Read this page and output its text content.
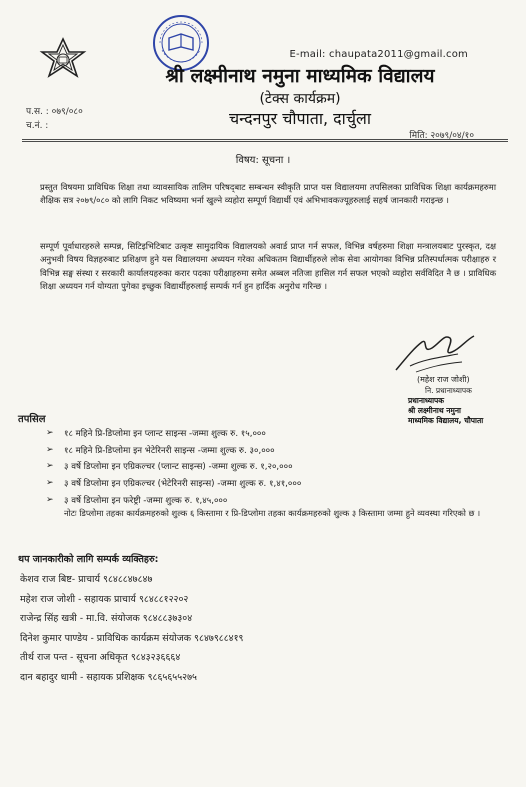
E-mail: chaupata2011@gmail.com
श्री लक्ष्मीनाथ नमुना माध्यमिक विद्यालय
(टेक्स कार्यक्रम)
चन्दनपुर चौपाता, दार्चुला
प.स. : ०७९/०८०
च.नं. :
मिति: २०७९/०४/१०
विषय: सूचना ।

प्रस्तुत विषयमा प्राविधिक शिक्षा तथा व्यावसायिक तालिम परिषद्‌बाट सम्बन्धन स्वीकृति प्राप्त यस विद्यालयमा तपसिलका प्राविधिक शिक्षा कार्यक्रमहरुमा शैक्षिक सत्र २०७९/०८० को लागि निकट भविष्यमा भर्ना खुल्ने व्यहोरा सम्पूर्ण विद्यार्थी एवं अभिभावकज्यूहरुलाई सहर्ष जानकारी गराइन्छ ।

सम्पूर्ण पूर्वाधारहरुले सम्पन्न, सिटिइभिटिबाट उत्कृष्ट सामुदायिक विद्यालयको अवार्ड प्राप्त गर्न सफल, विभिन्न वर्षहरुमा शिक्षा मन्त्रालयबाट पुरस्कृत, दक्ष अनुभवी विषय विज्ञहरुबाट प्रशिक्षण हुने यस विद्यालयमा अध्ययन गरेका अधिकतम विद्यार्थीहरुले लोक सेवा आयोगका विभिन्न प्रतिस्पर्धात्मक परीक्षाहरु र विभिन्न सङ्घ संस्था र सरकारी कार्यालयहरुका करार पदका परीक्षाहरुमा समेत अब्बल नतिजा हासिल गर्न सफल भएको व्यहोरा सर्वविदित नै छ । प्राविधिक शिक्षा अध्ययन गर्न योग्यता पुगेका इच्छुक विद्यार्थीहरुलाई सम्पर्क गर्न हुन हार्दिक अनुरोध गरिन्छ ।

(महेश राज जोशी)
नि. प्रधानाध्यापक
प्रधानाध्यापक
श्री लक्ष्मीनाथ नमुना
माध्यमिक विद्यालय, चौपाता
तपसिल
➢	१८ महिने प्रि-डिप्लोमा इन प्लान्ट साइन्स -जम्मा शुल्क रु. १५,०००
➢	१८ महिने प्रि-डिप्लोमा इन भेटेरिनरी साइन्स -जम्मा शुल्क रु. ३०,०००
➢	३ वर्षे डिप्लोमा इन एग्रिकल्चर (प्लान्ट साइन्स) -जम्मा शुल्क रु. १,२०,०००
➢	३ वर्षे डिप्लोमा इन एग्रिकल्चर (भेटेरिनरी साइन्स) -जम्मा शुल्क रु. १,४१,०००
➢	३ वर्षे डिप्लोमा इन फरेष्ट्री -जम्मा शुल्क रु. १,४५,०००

नोटः डिप्लोमा तहका कार्यक्रमहरुको शुल्क ६ किस्तामा र प्रि-डिप्लोमा तहका कार्यक्रमहरुको शुल्क ३ किस्तामा जम्मा हुने व्यवस्था गरिएको छ ।

थप जानकारीको लागि सम्पर्क व्यक्तिहरु:
केशव राज बिष्ट- प्राचार्य ९८४८८४७८४७
महेश राज जोशी - सहायक प्राचार्य ९८४८८१२२०२
राजेन्द्र सिंह खत्री - मा.वि. संयोजक ९८४८८३७३०४
दिनेश कुमार पाण्डेय - प्राविधिक कार्यक्रम संयोजक ९८४७९८८४१९
तीर्थ राज पन्त - सूचना अधिकृत ९८४३२३६६६४
दान बहादुर धामी - सहायक प्रशिक्षक ९८६५६५५२७५
